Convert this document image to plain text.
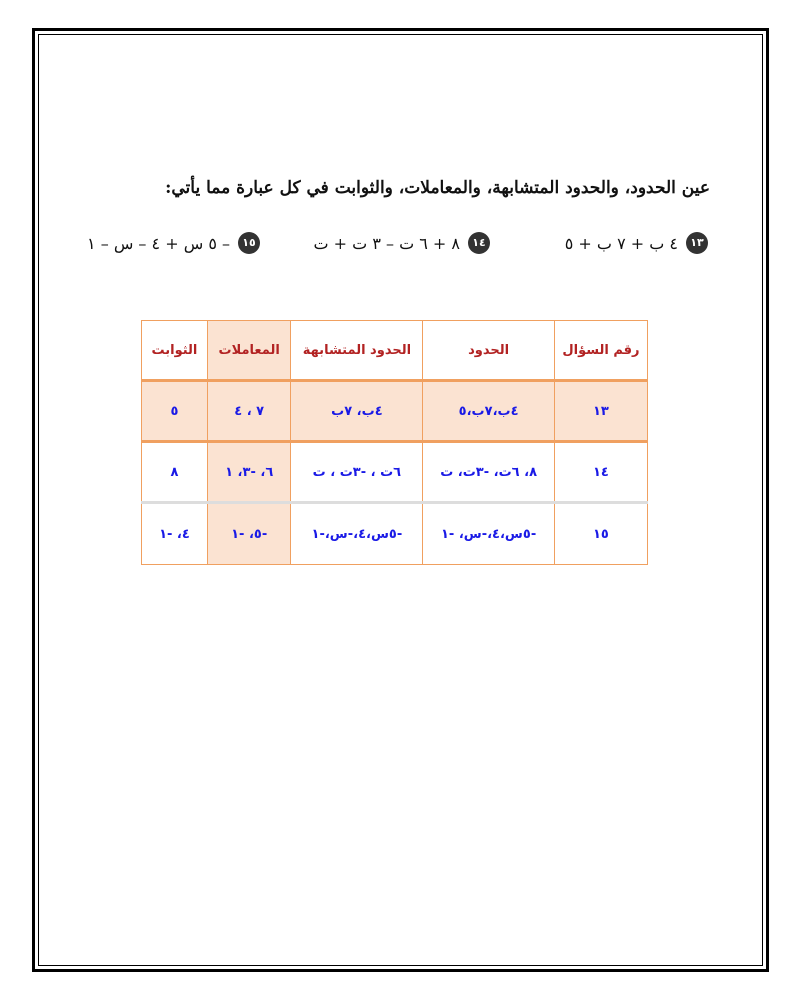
عين الحدود، والحدود المتشابهة، والمعاملات، والثوابت في كل عبارة مما يأتي:
١٣
٤ ب + ٧ ب + ٥
١٤
٨ + ٦ ت – ٣ ت + ت
١٥
– ٥ س + ٤ – س – ١
رقم السؤال	الحدود	الحدود المتشابهة	المعاملات	الثوابت
١٣	٤ب،٧ب،٥	٤ب، ٧ب	٧ ، ٤	٥
١٤	٨، ٦ت، -٣ت، ت	٦ت ، -٣ت ، ت	٦، -٣، ١	٨
١٥	-٥س،٤،-س، -١	-٥س،٤،-س،-١	-٥، -١	٤، -١
